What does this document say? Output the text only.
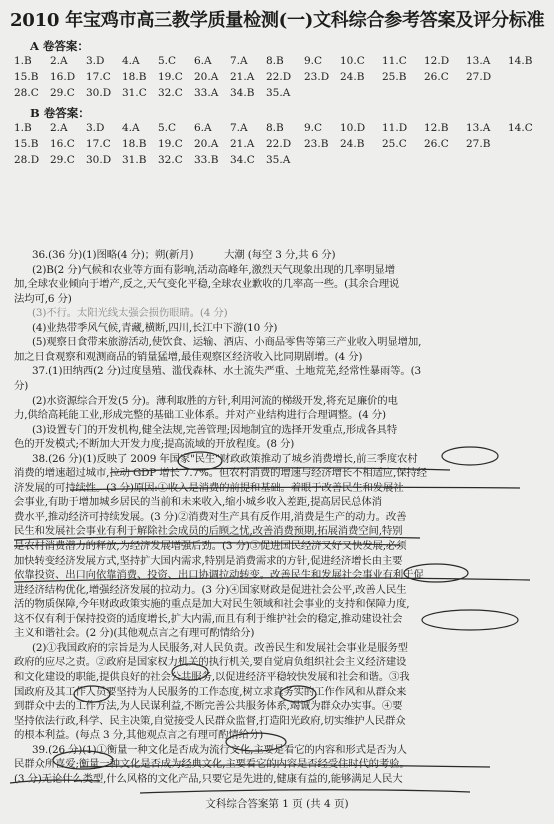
2010 年宝鸡市高三教学质量检测(一)文科综合参考答案及评分标准
A 卷答案：
1.B 2.A 3.D 4.A 5.C 6.A 7.A 8.B 9.C 10.C 11.C 12.D 13.A 14.B
15.B 16.D 17.C 18.B 19.C 20.A 21.A 22.D 23.D 24.B 25.B 26.C 27.D
28.C 29.C 30.D 31.C 32.C 33.A 34.B 35.A
B 卷答案：
1.B 2.A 3.D 4.A 5.C 6.A 7.A 8.B 9.C 10.D 11.D 12.B 13.A 14.C
15.B 16.C 17.C 18.B 19.C 20.A 21.A 22.D 23.B 24.B 25.C 26.C 27.B
28.D 29.C 30.D 31.B 32.C 33.B 34.C 35.A
36.(36 分)(1)图略(4 分)；朔(新月)　　　大潮 (每空 3 分,共 6 分)
(2)B(2 分)气候和农业等方面有影响,活动高峰年,激烈天气现象出现的几率明显增
加,全球农业倾向于增产,反之,天气变化平稳,全球农业歉收的几率高一些。(其余合理说
法均可,6 分)
(3)不行。太阳光线太强会损伤眼睛。(4 分)
(4)业热带季风气候,青藏,横断,四川,长江中下游(10 分)
(5)观察日食带来旅游活动,使饮食、运输、酒店、小商品零售等第三产业收入明显增加,
加之日食观察和观测商品的销量猛增,最佳观察区经济收入比同期剧增。(4 分)
37.(1)田纳西(2 分)过度垦殖、滥伐森林、水土流失严重、土地荒芜,经常性暴雨等。(3
分)
(2)水资源综合开发(5 分)。薄利取胜的方针,利用河流的梯级开发,将充足廉价的电
力,供给高耗能工业,形成完整的基础工业体系。并对产业结构进行合理调整。(4 分)
(3)设置专门的开发机构,健全法规,完善管理;因地制宜的选择开发重点,形成各具特
色的开发模式;不断加大开发力度;提高流域的开放程度。(8 分)
38.(26 分)(1)反映了 2009 年国家"民生"财政政策推动了城乡消费增长,前三季度农村
消费的增速超过城市,拉动 GDP 增长 7.7%。但农村消费的增速与经济增长不相适应,保持经
济发展的可持续性。(3 分)原因:①收入是消费的前提和基础。着眼于改善民生和发展社
会事业,有助于增加城乡居民的当前和未来收入,缩小城乡收入差距,提高居民总体消
费水平,推动经济可持续发展。(3 分)②消费对生产具有反作用,消费是生产的动力。改善
民生和发展社会事业有利于解除社会成员的后顾之忧,改善消费预期,拓展消费空间,特别
是农村消费潜力的释放,为经济发展增强后劲。(3 分)③促进国民经济又好又快发展,必须
加快转变经济发展方式,坚持扩大国内需求,特别是消费需求的方针,促进经济增长由主要
依靠投资、出口向依靠消费、投资、出口协调拉动转变。改善民生和发展社会事业有利于促
进经济结构优化,增强经济发展的拉动力。(3 分)④国家财政是促进社会公平,改善人民生
活的物质保障,今年财政政策实施的重点是加大对民生领域和社会事业的支持和保障力度,
这不仅有利于保持投资的适度增长,扩大内需,而且有利于维护社会的稳定,推动建设社会
主义和谐社会。(2 分)(其他观点言之有理可酌情给分)
(2)①我国政府的宗旨是为人民服务,对人民负责。改善民生和发展社会事业是服务型
政府的应尽之责。②政府是国家权力机关的执行机关,要自觉肩负组织社会主义经济建设
和文化建设的职能,提供良好的社会公共服务,以促进经济平稳较快发展和社会和谐。③我
国政府及其工作人员要坚持为人民服务的工作态度,树立求真务实的工作作风和从群众来
到群众中去的工作方法,为人民谋利益,不断完善公共服务体系,竭诚为群众办实事。④要
坚持依法行政,科学、民主决策,自觉接受人民群众监督,打造阳光政府,切实维护人民群众
的根本利益。(每点 3 分,其他观点言之有理可酌情给分)
39.(26 分)(1)①衡量一种文化是否成为流行文化,主要是看它的内容和形式是否为人
民群众所喜爱;衡量一种文化是否成为经典文化,主要看它的内容是否经受住时代的考验。
(3 分)无论什么类型,什么风格的文化产品,只要它是先进的,健康有益的,能够满足人民大
文科综合答案第 1 页 (共 4 页)
